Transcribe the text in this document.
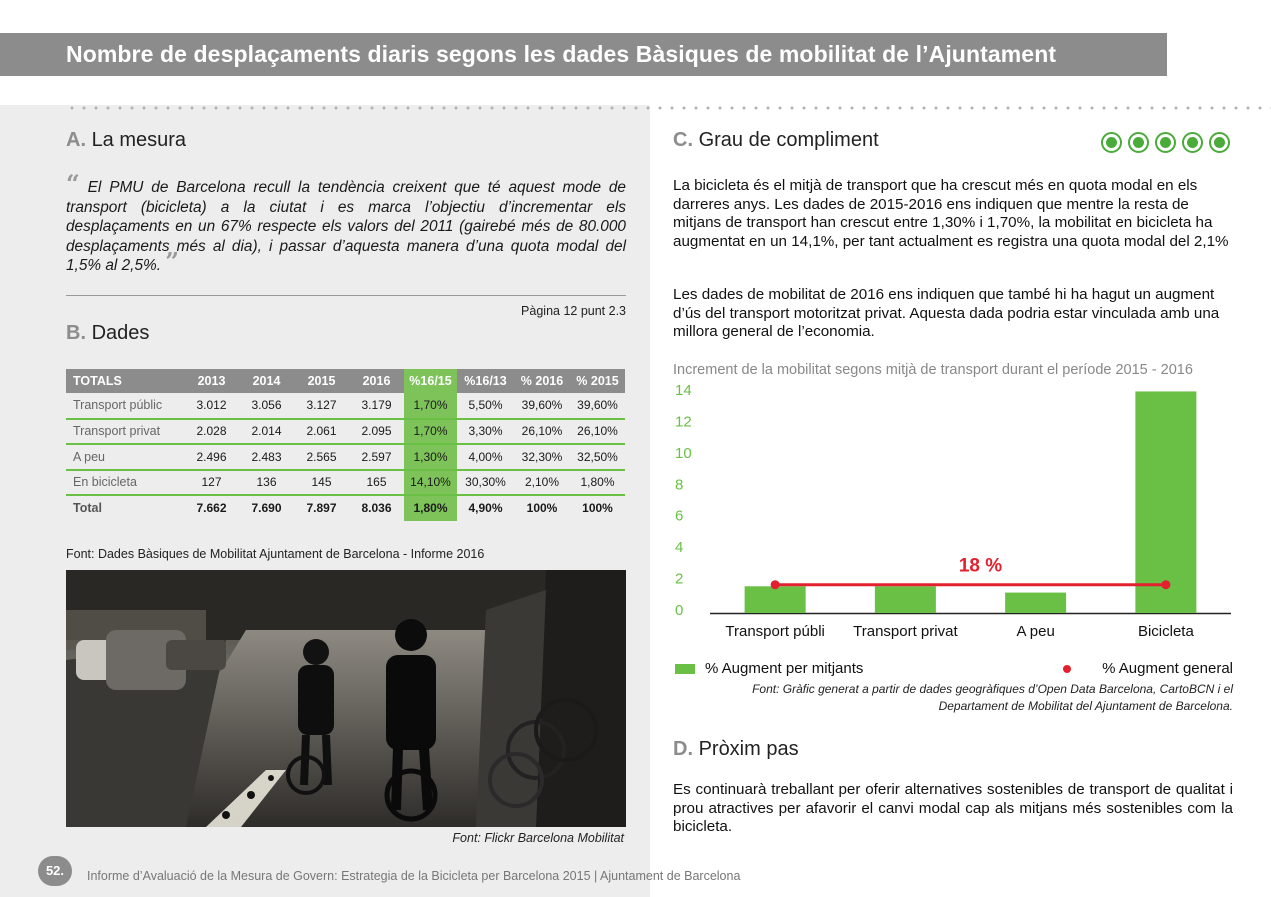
Nombre de desplaçaments diaris segons les dades Bàsiques de mobilitat de l’Ajuntament
A. La mesura
“ El PMU de Barcelona recull la tendència creixent que té aquest mode de transport (bicicleta) a la ciutat i es marca l’objectiu d’incrementar els desplaçaments en un 67% respecte els valors del 2011 (gairebé més de 80.000 desplaçaments més al dia), i passar d’aquesta manera d’una quota modal del 1,5% al 2,5%. ”
Pàgina 12 punt 2.3
B. Dades
TOTALS	2013	2014	2015	2016	%16/15	%16/13	% 2016	% 2015
Transport públic	3.012	3.056	3.127	3.179	1,70%	5,50%	39,60%	39,60%
Transport privat	2.028	2.014	2.061	2.095	1,70%	3,30%	26,10%	26,10%
A peu	2.496	2.483	2.565	2.597	1,30%	4,00%	32,30%	32,50%
En bicicleta	127	136	145	165	14,10%	30,30%	2,10%	1,80%
Total	7.662	7.690	7.897	8.036	1,80%	4,90%	100%	100%
Font: Dades Bàsiques de Mobilitat Ajuntament de Barcelona - Informe 2016
Font: Flickr Barcelona Mobilitat
C. Grau de compliment
La bicicleta és el mitjà de transport que ha crescut més en quota modal en els darreres anys. Les dades de 2015-2016 ens indiquen que mentre la resta de mitjans de transport han crescut entre 1,30% i 1,70%, la mobilitat en bicicleta ha augmentat en un 14,1%, per tant actualment es registra una quota modal del 2,1%
Les dades de mobilitat de 2016 ens indiquen que també hi ha hagut un augment d’ús del transport motoritzat privat. Aquesta dada podria estar vinculada amb una millora general de l’economia.
Increment de la mobilitat segons mitjà de transport durant el període 2015 - 2016
0
2
4
6
8
10
12
14
Transport públi Transport privat	A peu	Bicicleta
18 %
% Augment per mitjants	% Augment general
Font: Gràfic generat a partir de dades geogràfiques d’Open Data Barcelona, CartoBCN i el
Departament de Mobilitat del Ajuntament de Barcelona.
D. Pròxim pas
Es continuarà treballant per oferir alternatives sostenibles de transport de qualitat i prou atractives per afavorir el canvi modal cap als mitjans més sostenibles com la bicicleta.
52.	Informe d’Avaluació de la Mesura de Govern: Estrategia de la Bicicleta per Barcelona 2015 | Ajuntament de Barcelona
